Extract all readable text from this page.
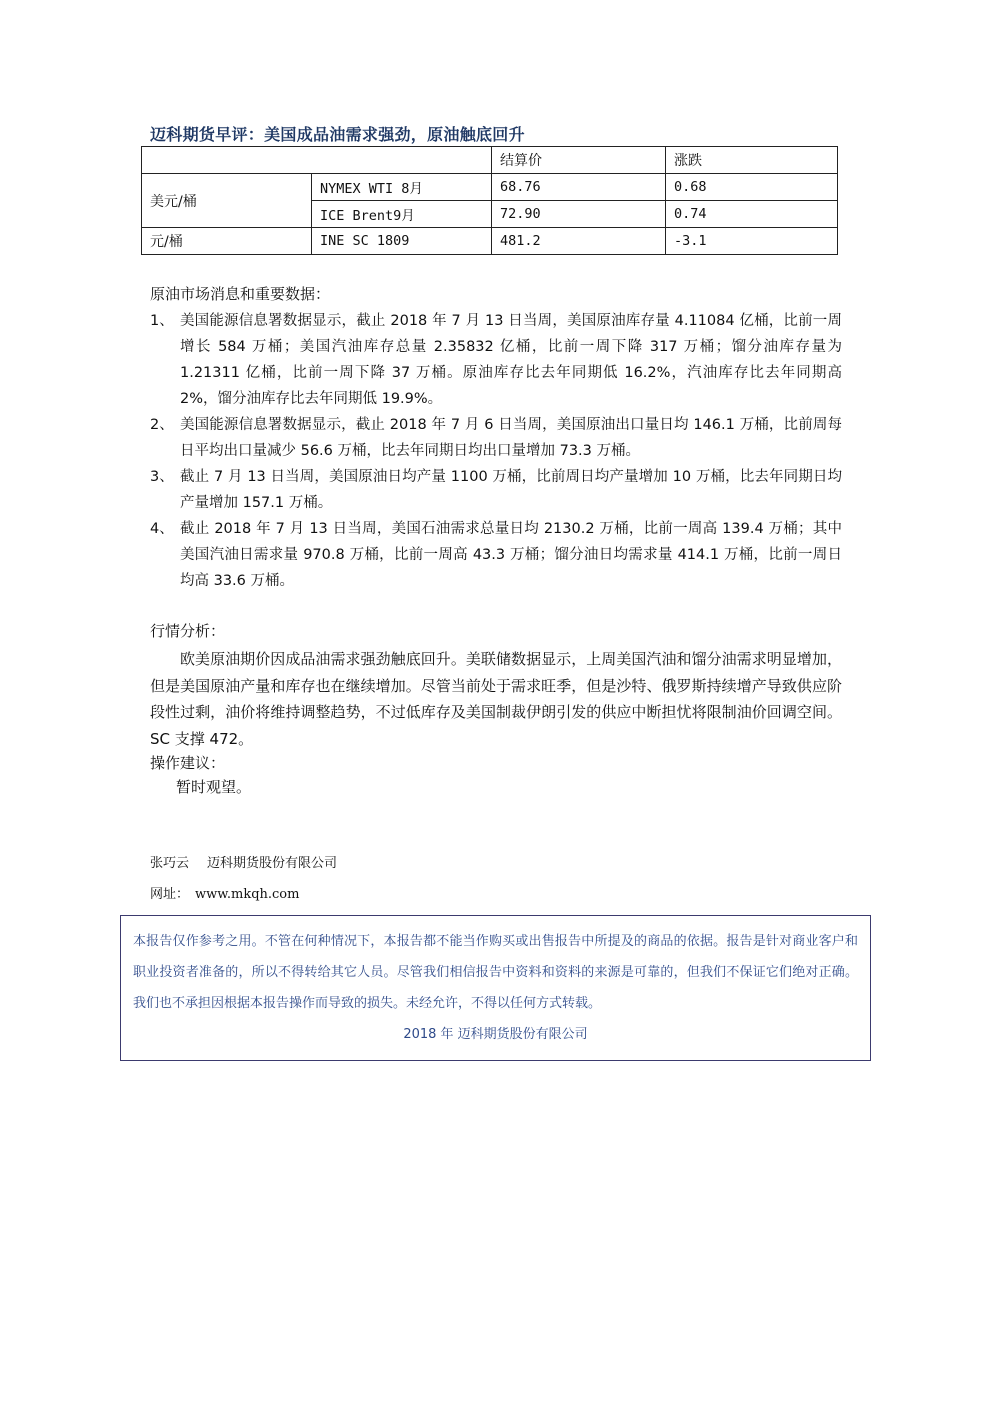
迈科期货早评：美国成品油需求强劲，原油触底回升
		结算价	涨跌
美元/桶	NYMEX WTI 8月	68.76	0.68
	ICE Brent9月	72.90	0.74
元/桶	INE SC 1809	481.2	-3.1
原油市场消息和重要数据：
1、 美国能源信息署数据显示，截止 2018 年 7 月 13 日当周，美国原油库存量 4.11084 亿桶，比前一周增长 584 万桶；美国汽油库存总量 2.35832 亿桶，比前一周下降 317 万桶；馏分油库存量为 1.21311 亿桶，比前一周下降 37 万桶。原油库存比去年同期低 16.2%，汽油库存比去年同期高 2%，馏分油库存比去年同期低 19.9%。
2、 美国能源信息署数据显示，截止 2018 年 7 月 6 日当周，美国原油出口量日均 146.1 万桶，比前周每日平均出口量减少 56.6 万桶，比去年同期日均出口量增加 73.3 万桶。
3、 截止 7 月 13 日当周，美国原油日均产量 1100 万桶，比前周日均产量增加 10 万桶，比去年同期日均产量增加 157.1 万桶。
4、 截止 2018 年 7 月 13 日当周，美国石油需求总量日均 2130.2 万桶，比前一周高 139.4 万桶；其中美国汽油日需求量 970.8 万桶，比前一周高 43.3 万桶；馏分油日均需求量 414.1 万桶，比前一周日均高 33.6 万桶。
行情分析：
欧美原油期价因成品油需求强劲触底回升。美联储数据显示，上周美国汽油和馏分油需求明显增加，但是美国原油产量和库存也在继续增加。尽管当前处于需求旺季，但是沙特、俄罗斯持续增产导致供应阶段性过剩，油价将维持调整趋势，不过低库存及美国制裁伊朗引发的供应中断担忧将限制油价回调空间。SC 支撑 472。
操作建议：
暂时观望。
张巧云 迈科期货股份有限公司
网址： www.mkqh.com
本报告仅作参考之用。不管在何种情况下，本报告都不能当作购买或出售报告中所提及的商品的依据。报告是针对商业客户和职业投资者准备的，所以不得转给其它人员。尽管我们相信报告中资料和资料的来源是可靠的，但我们不保证它们绝对正确。我们也不承担因根据本报告操作而导致的损失。未经允许，不得以任何方式转载。
2018 年 迈科期货股份有限公司
